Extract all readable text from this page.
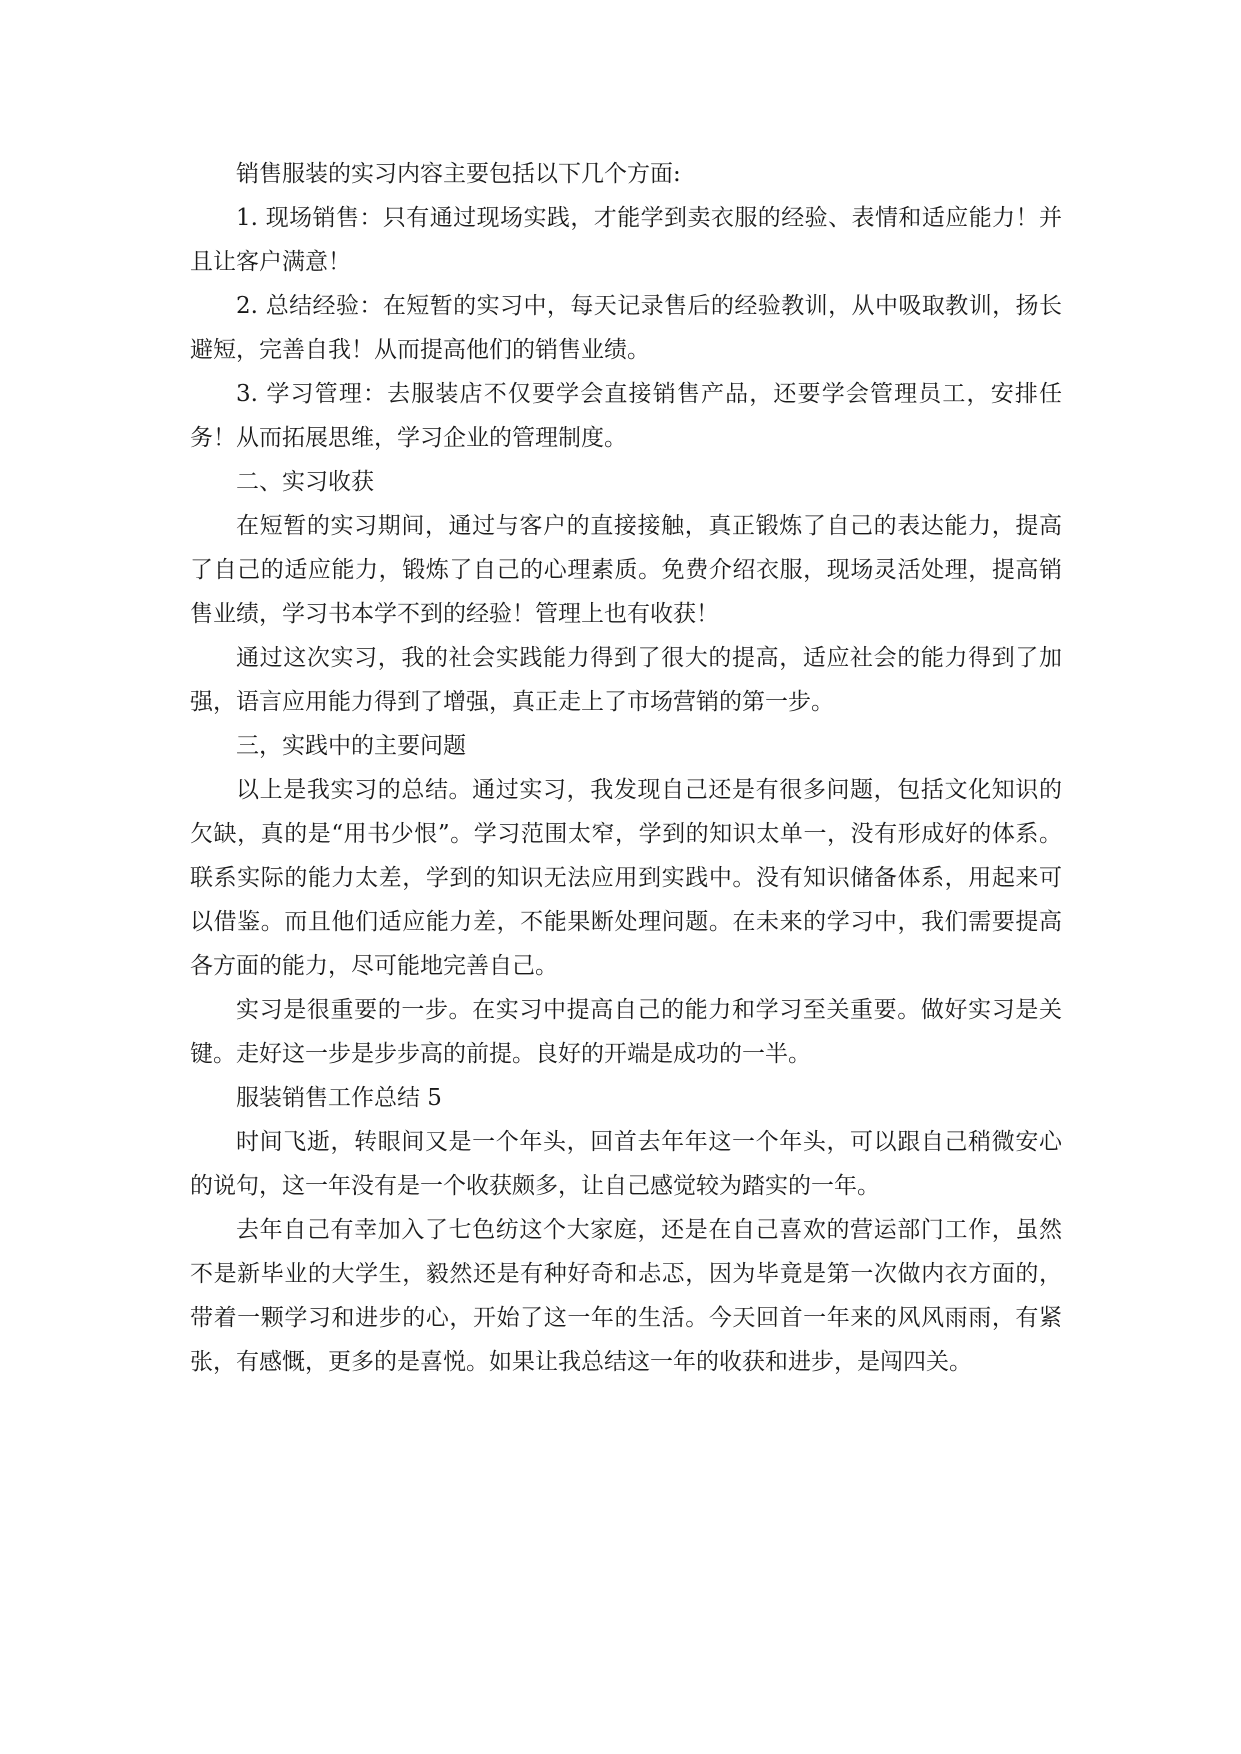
销售服装的实习内容主要包括以下几个方面:

1. 现场销售：只有通过现场实践，才能学到卖衣服的经验、表情和适应能力！并且让客户满意！

2. 总结经验：在短暂的实习中，每天记录售后的经验教训，从中吸取教训，扬长避短，完善自我！从而提高他们的销售业绩。

3. 学习管理：去服装店不仅要学会直接销售产品，还要学会管理员工，安排任务！从而拓展思维，学习企业的管理制度。

二、实习收获

在短暂的实习期间，通过与客户的直接接触，真正锻炼了自己的表达能力，提高了自己的适应能力，锻炼了自己的心理素质。免费介绍衣服，现场灵活处理，提高销售业绩，学习书本学不到的经验！管理上也有收获！

通过这次实习，我的社会实践能力得到了很大的提高，适应社会的能力得到了加强，语言应用能力得到了增强，真正走上了市场营销的第一步。

三，实践中的主要问题

以上是我实习的总结。通过实习，我发现自己还是有很多问题，包括文化知识的欠缺，真的是“用书少恨”。学习范围太窄，学到的知识太单一，没有形成好的体系。联系实际的能力太差，学到的知识无法应用到实践中。没有知识储备体系，用起来可以借鉴。而且他们适应能力差，不能果断处理问题。在未来的学习中，我们需要提高各方面的能力，尽可能地完善自己。

实习是很重要的一步。在实习中提高自己的能力和学习至关重要。做好实习是关键。走好这一步是步步高的前提。良好的开端是成功的一半。

服装销售工作总结 5

时间飞逝，转眼间又是一个年头，回首去年年这一个年头，可以跟自己稍微安心的说句，这一年没有是一个收获颇多，让自己感觉较为踏实的一年。

去年自己有幸加入了七色纺这个大家庭，还是在自己喜欢的营运部门工作，虽然不是新毕业的大学生，毅然还是有种好奇和忐忑，因为毕竟是第一次做内衣方面的，带着一颗学习和进步的心，开始了这一年的生活。今天回首一年来的风风雨雨，有紧张，有感慨，更多的是喜悦。如果让我总结这一年的收获和进步，是闯四关。
